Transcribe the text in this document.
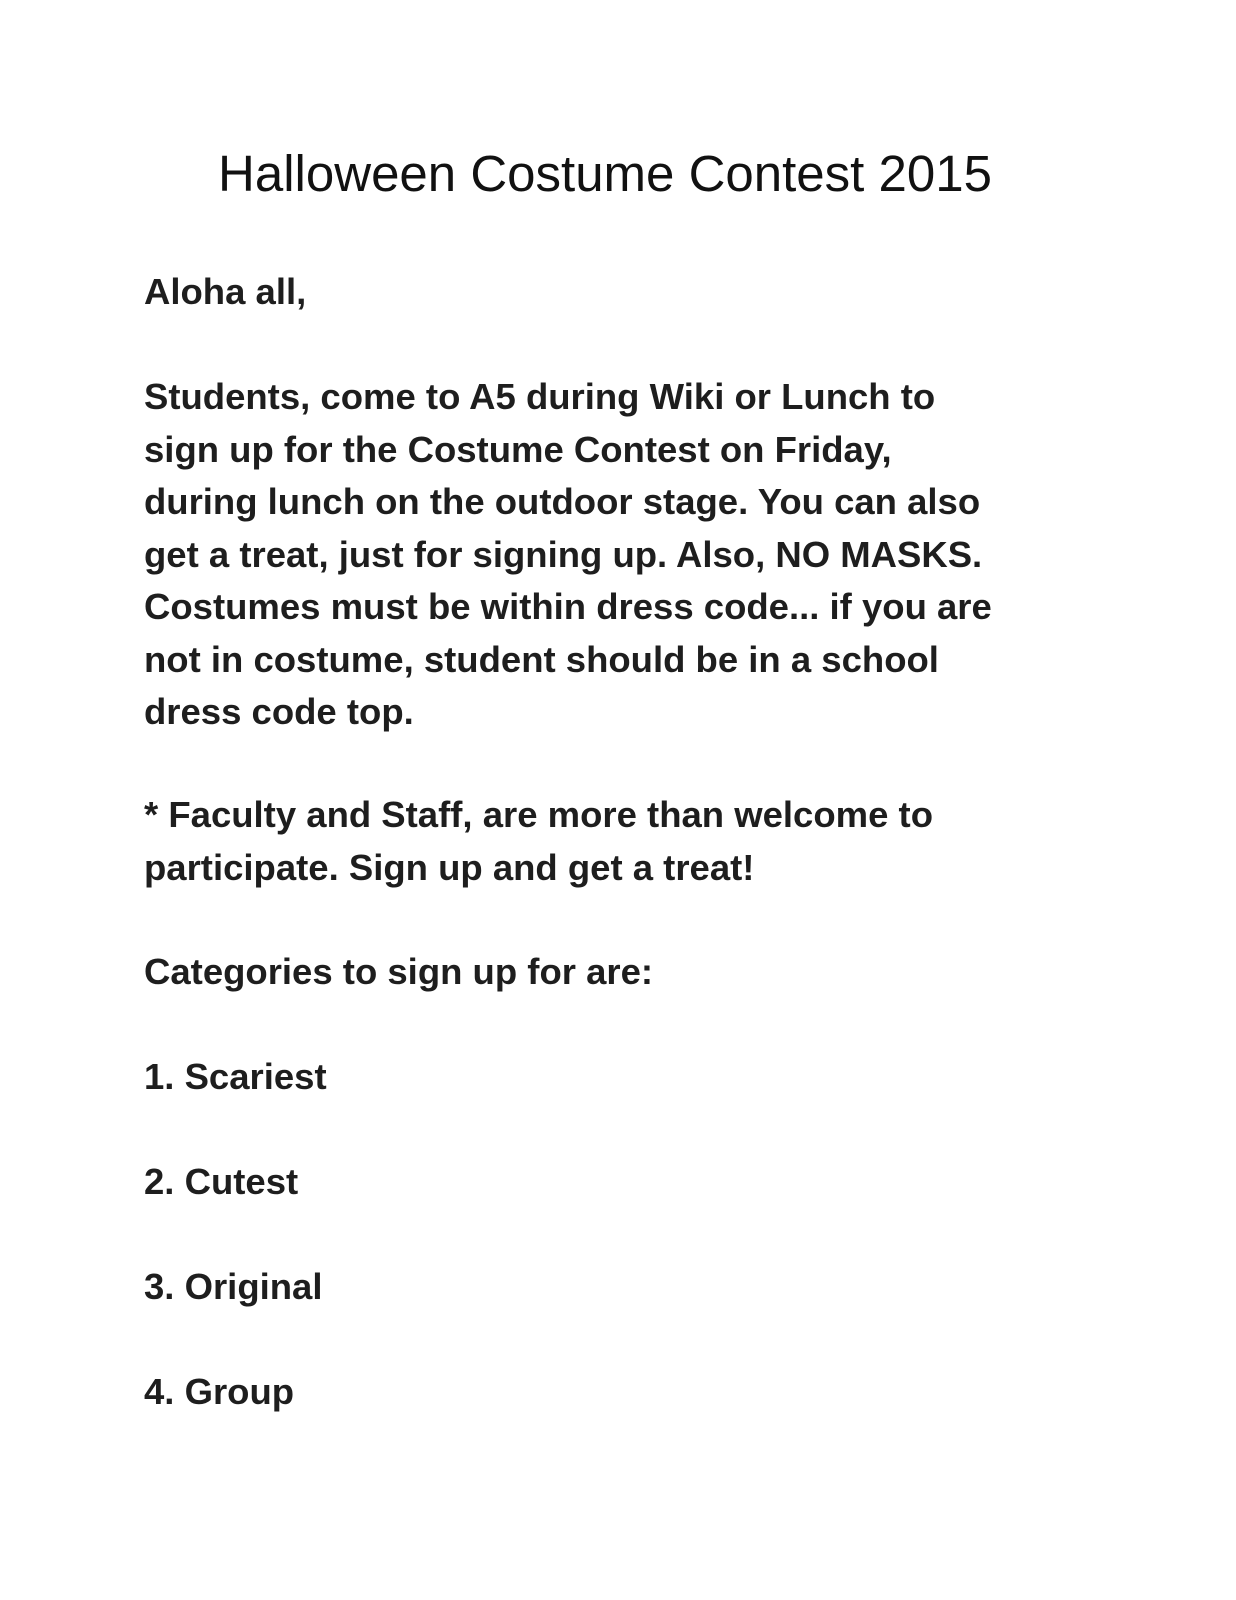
Halloween Costume Contest 2015
Aloha all,

Students, come to A5 during Wiki or Lunch to

sign up for the Costume Contest on Friday,

during lunch on the outdoor stage. You can also

get a treat, just for signing up. Also, NO MASKS.

Costumes must be within dress code... if you are

not in costume, student should be in a school

dress code top.

* Faculty and Staff, are more than welcome to

participate. Sign up and get a treat!

Categories to sign up for are:
1. Scariest
2. Cutest
3. Original
4. Group
